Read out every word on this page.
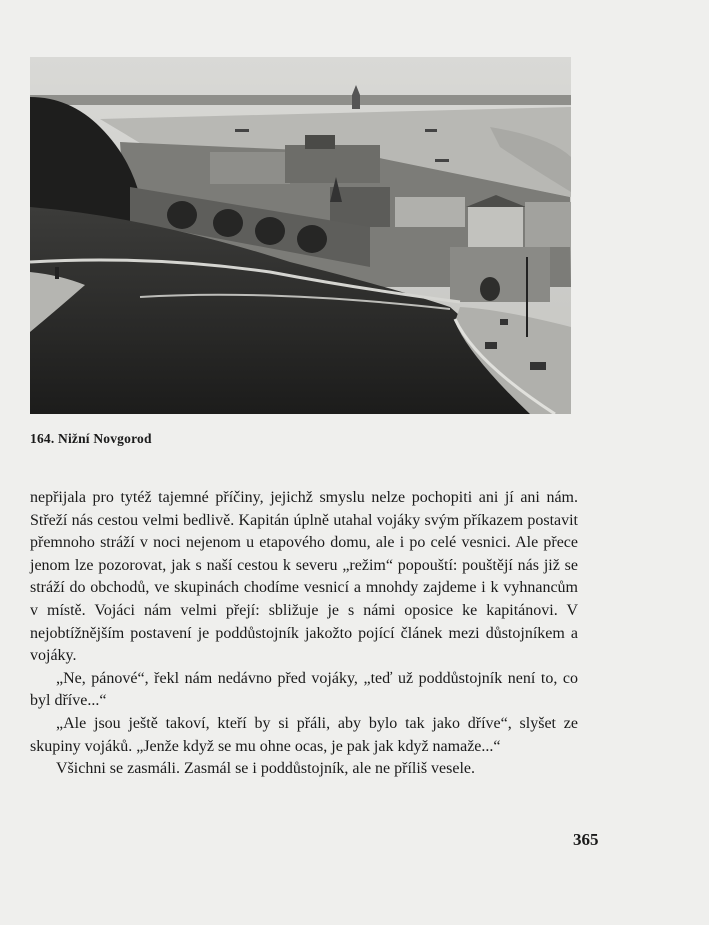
164. Nižní Novgorod

nepřijala pro tytéž tajemné příčiny, jejichž smyslu nelze pochopiti ani jí ani nám. Střeží nás cestou velmi bedlivě. Kapitán úplně utahal vojáky svým příkazem postavit přemnoho stráží v noci nejenom u etapového domu, ale i po celé vesnici. Ale přece jenom lze pozorovat, jak s naší cestou k severu „režim“ popouští: pouštějí nás již se stráží do obchodů, ve skupinách chodíme vesnicí a mnohdy zajdeme i k vyhnancům v místě. Vojáci nám velmi přejí: sbližuje je s námi oposice ke kapitánovi. V nejobtížnějším postavení je poddůstojník jakožto pojící článek mezi důstojníkem a vojáky.

„Ne, pánové“, řekl nám nedávno před vojáky, „teď už poddůstojník není to, co byl dříve...“

„Ale jsou ještě takoví, kteří by si přáli, aby bylo tak jako dříve“, slyšet ze skupiny vojáků. „Jenže když se mu ohne ocas, je pak jak když namaže...“

Všichni se zasmáli. Zasmál se i poddůstojník, ale ne příliš vesele.

365
